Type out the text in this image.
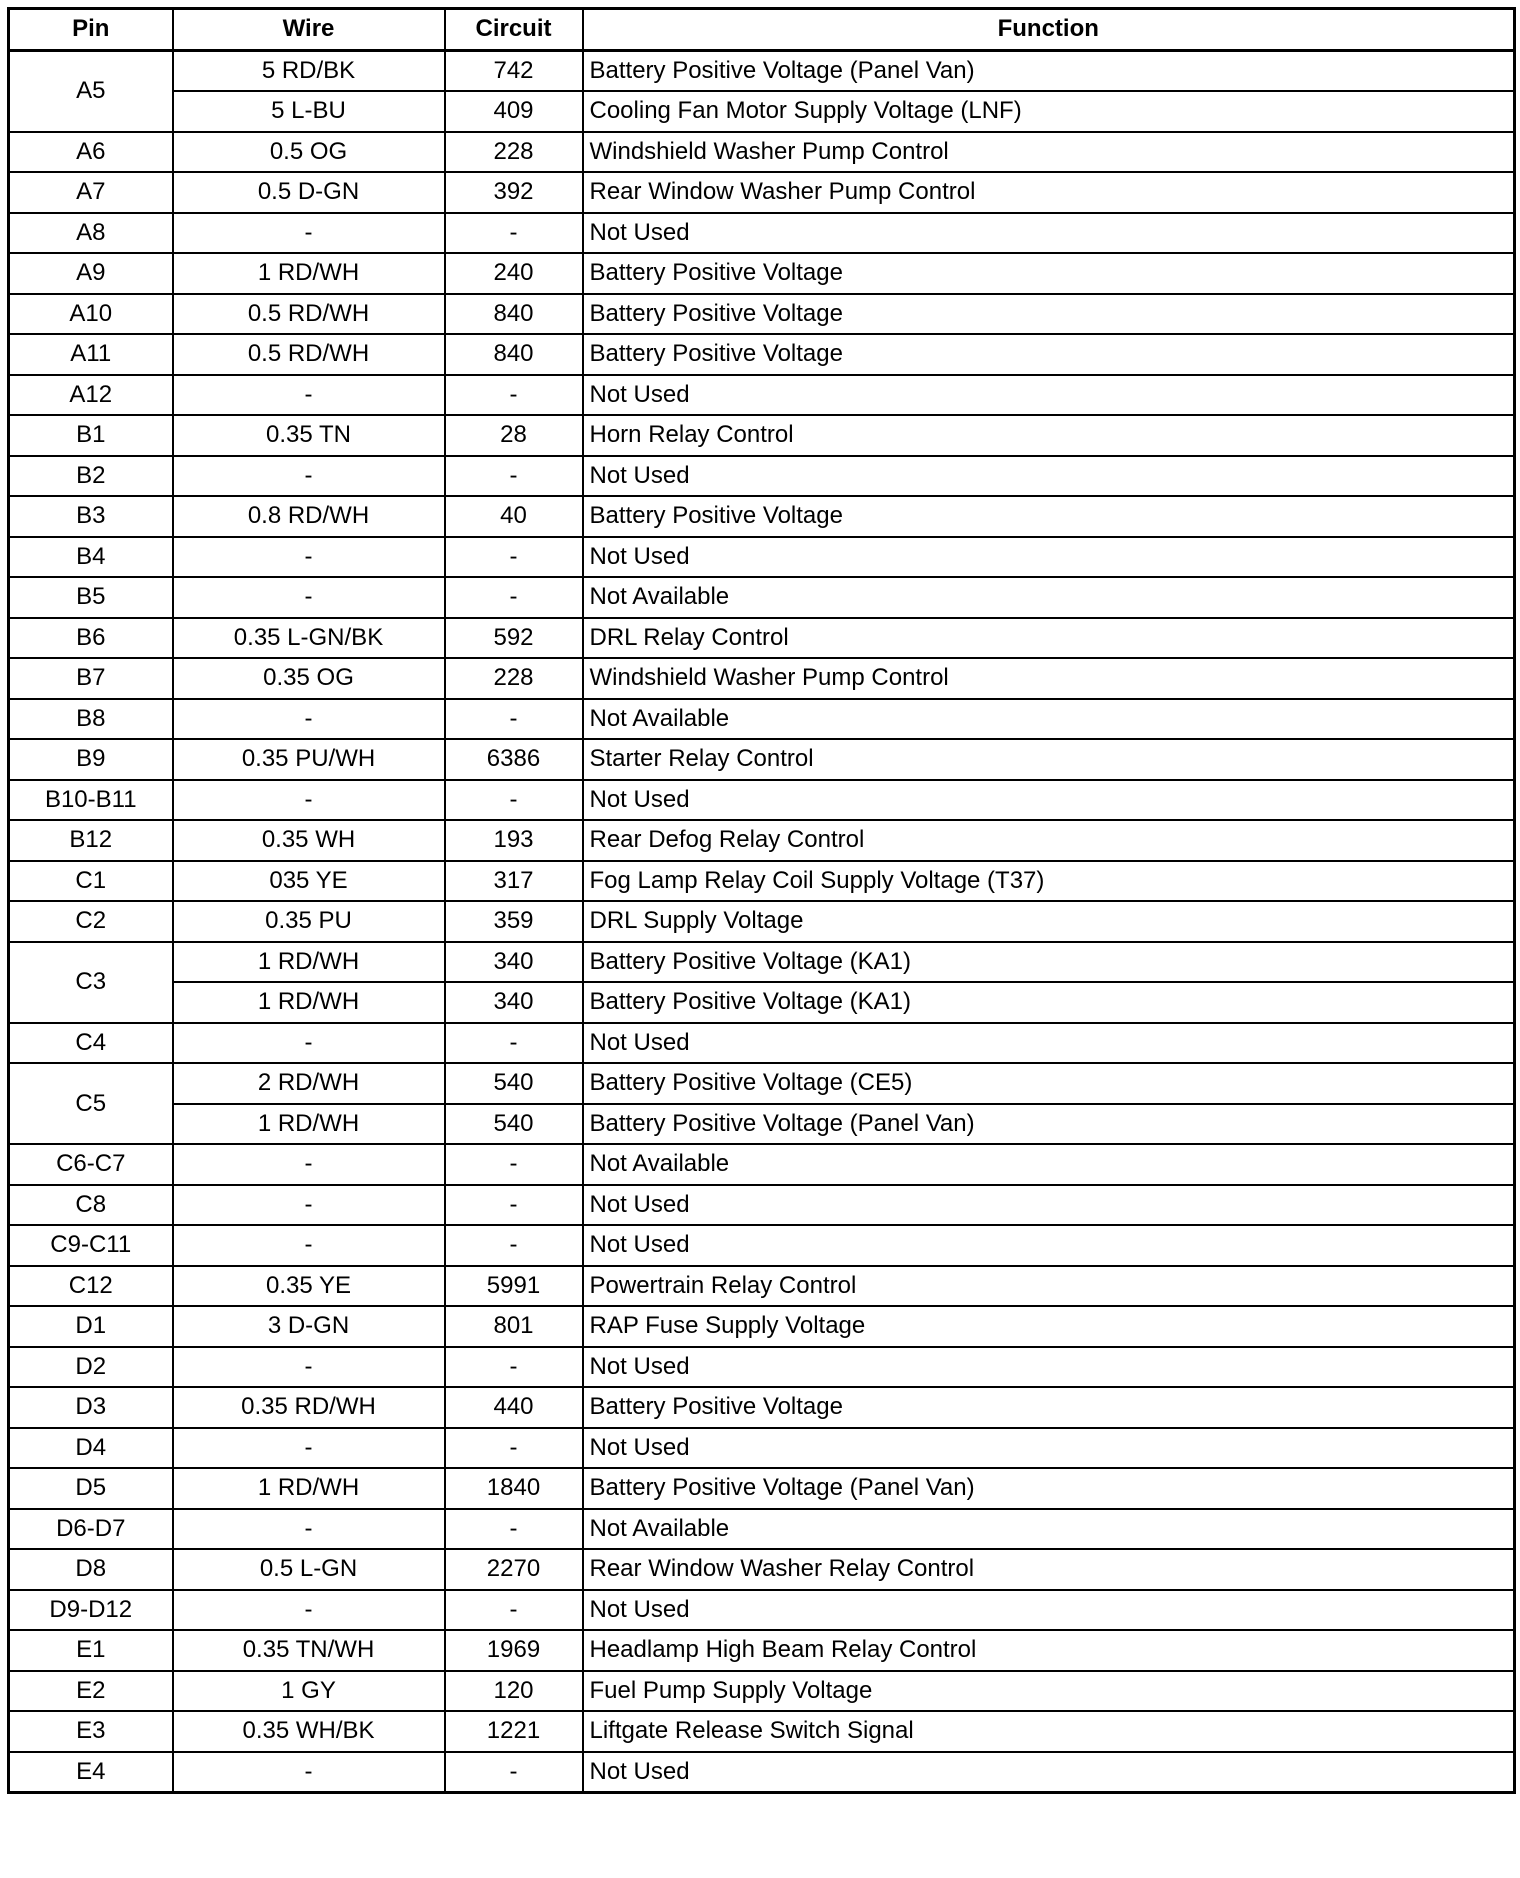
Pin	Wire	Circuit	Function
A5	5 RD/BK	742	Battery Positive Voltage (Panel Van)
	5 L-BU	409	Cooling Fan Motor Supply Voltage (LNF)
A6	0.5 OG	228	Windshield Washer Pump Control
A7	0.5 D-GN	392	Rear Window Washer Pump Control
A8	-	-	Not Used
A9	1 RD/WH	240	Battery Positive Voltage
A10	0.5 RD/WH	840	Battery Positive Voltage
A11	0.5 RD/WH	840	Battery Positive Voltage
A12	-	-	Not Used
B1	0.35 TN	28	Horn Relay Control
B2	-	-	Not Used
B3	0.8 RD/WH	40	Battery Positive Voltage
B4	-	-	Not Used
B5	-	-	Not Available
B6	0.35 L-GN/BK	592	DRL Relay Control
B7	0.35 OG	228	Windshield Washer Pump Control
B8	-	-	Not Available
B9	0.35 PU/WH	6386	Starter Relay Control
B10-B11	-	-	Not Used
B12	0.35 WH	193	Rear Defog Relay Control
C1	035 YE	317	Fog Lamp Relay Coil Supply Voltage (T37)
C2	0.35 PU	359	DRL Supply Voltage
C3	1 RD/WH	340	Battery Positive Voltage (KA1)
	1 RD/WH	340	Battery Positive Voltage (KA1)
C4	-	-	Not Used
C5	2 RD/WH	540	Battery Positive Voltage (CE5)
	1 RD/WH	540	Battery Positive Voltage (Panel Van)
C6-C7	-	-	Not Available
C8	-	-	Not Used
C9-C11	-	-	Not Used
C12	0.35 YE	5991	Powertrain Relay Control
D1	3 D-GN	801	RAP Fuse Supply Voltage
D2	-	-	Not Used
D3	0.35 RD/WH	440	Battery Positive Voltage
D4	-	-	Not Used
D5	1 RD/WH	1840	Battery Positive Voltage (Panel Van)
D6-D7	-	-	Not Available
D8	0.5 L-GN	2270	Rear Window Washer Relay Control
D9-D12	-	-	Not Used
E1	0.35 TN/WH	1969	Headlamp High Beam Relay Control
E2	1 GY	120	Fuel Pump Supply Voltage
E3	0.35 WH/BK	1221	Liftgate Release Switch Signal
E4	-	-	Not Used
